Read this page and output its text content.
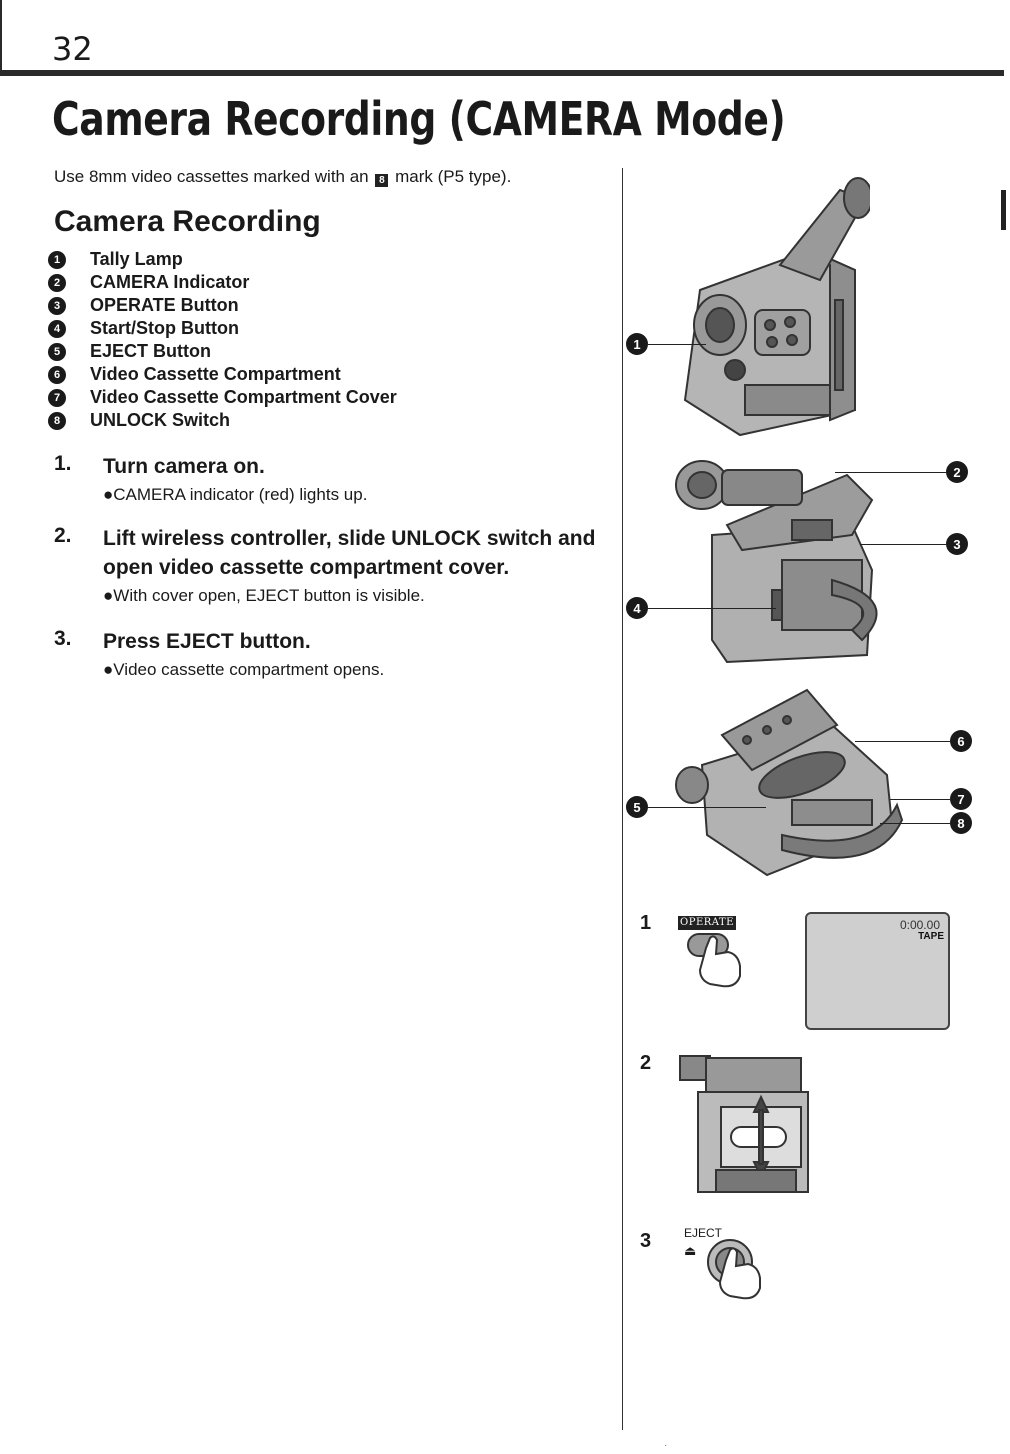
32
Camera Recording (CAMERA Mode)
Use 8mm video cassettes marked with an 8 mark (P5 type).
Camera Recording
1	Tally Lamp
2	CAMERA Indicator
3	OPERATE Button
4	Start/Stop Button
5	EJECT Button
6	Video Cassette Compartment
7	Video Cassette Compartment Cover
8	UNLOCK Switch
1. Turn camera on.

●CAMERA indicator (red) lights up.

2. Lift wireless controller, slide UNLOCK switch and open video cassette compartment cover.

●With cover open, EJECT button is visible.

3. Press EJECT button.

●Video cassette compartment opens.

1
2
3
4
6
5
7
8
1	OPERATE	0:00.00
TAPE
2
3	EJECT
⏏
·
